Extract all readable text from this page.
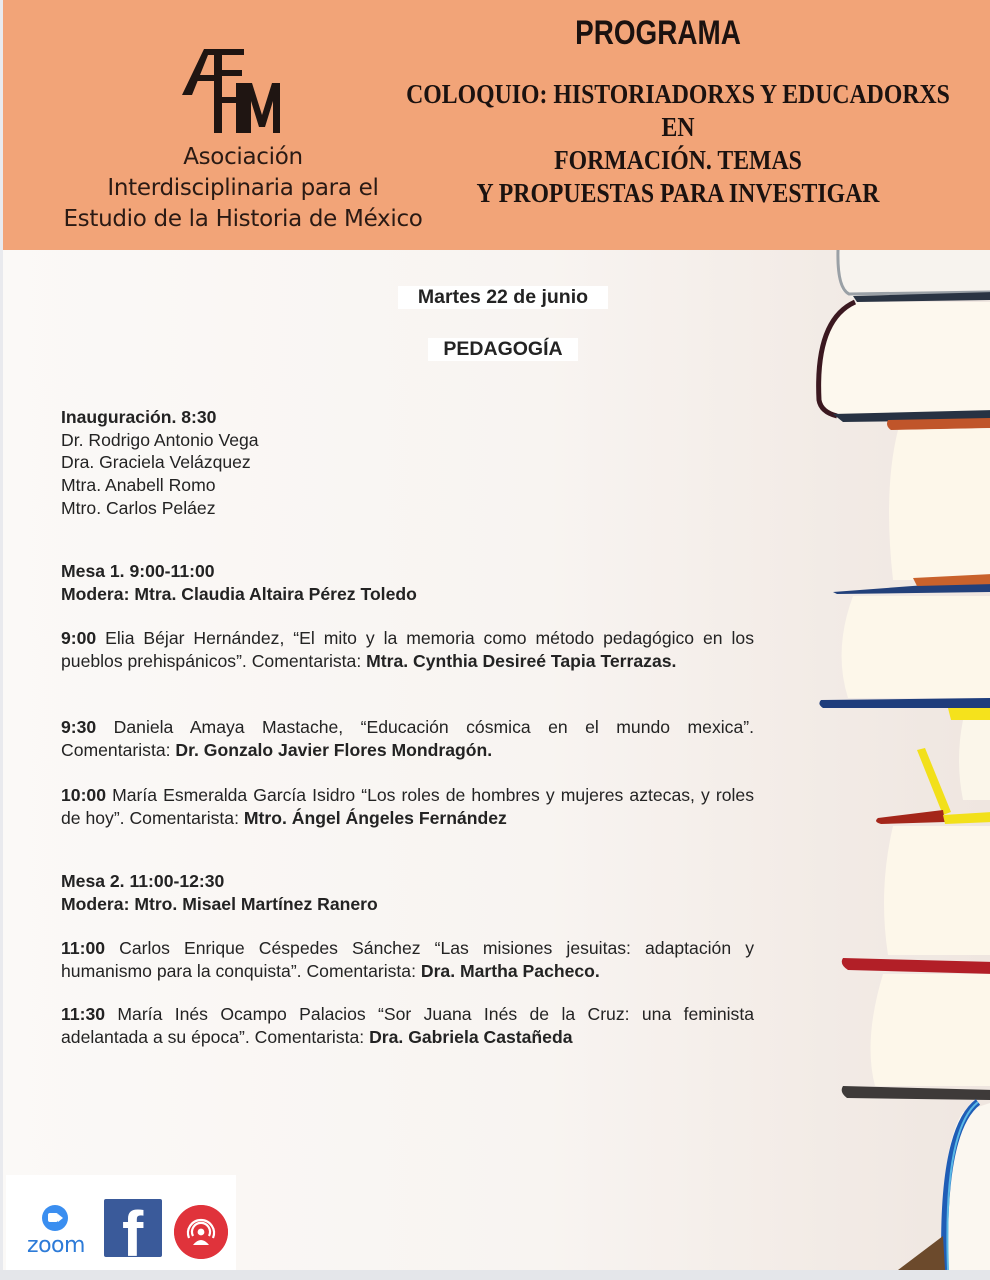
Asociación
Interdisciplinaria para el
Estudio de la Historia de México
PROGRAMA
COLOQUIO: HISTORIADORXS Y EDUCADORXS EN
FORMACIÓN. TEMAS
Y PROPUESTAS PARA INVESTIGAR
Martes 22 de junio
PEDAGOGÍA

Inauguración. 8:30

Dr. Rodrigo Antonio Vega

Dra. Graciela Velázquez

Mtra. Anabell Romo

Mtro. Carlos Peláez

Mesa 1. 9:00-11:00

Modera: Mtra. Claudia Altaira Pérez Toledo

9:00 Elia Béjar Hernández, “El mito y la memoria como método pedagógico en los pueblos prehispánicos”. Comentarista: Mtra. Cynthia Desireé Tapia Terrazas.
9:30 Daniela Amaya Mastache, “Educación cósmica en el mundo mexica”. Comentarista: Dr. Gonzalo Javier Flores Mondragón.
10:00 María Esmeralda García Isidro “Los roles de hombres y mujeres aztecas, y roles de hoy”. Comentarista: Mtro. Ángel Ángeles Fernández

Mesa 2. 11:00-12:30

Modera: Mtro. Misael Martínez Ranero

11:00 Carlos Enrique Céspedes Sánchez “Las misiones jesuitas: adaptación y humanismo para la conquista”. Comentarista: Dra. Martha Pacheco.
11:30 María Inés Ocampo Palacios “Sor Juana Inés de la Cruz: una feminista adelantada a su época”. Comentarista: Dra. Gabriela Castañeda
zoom f
